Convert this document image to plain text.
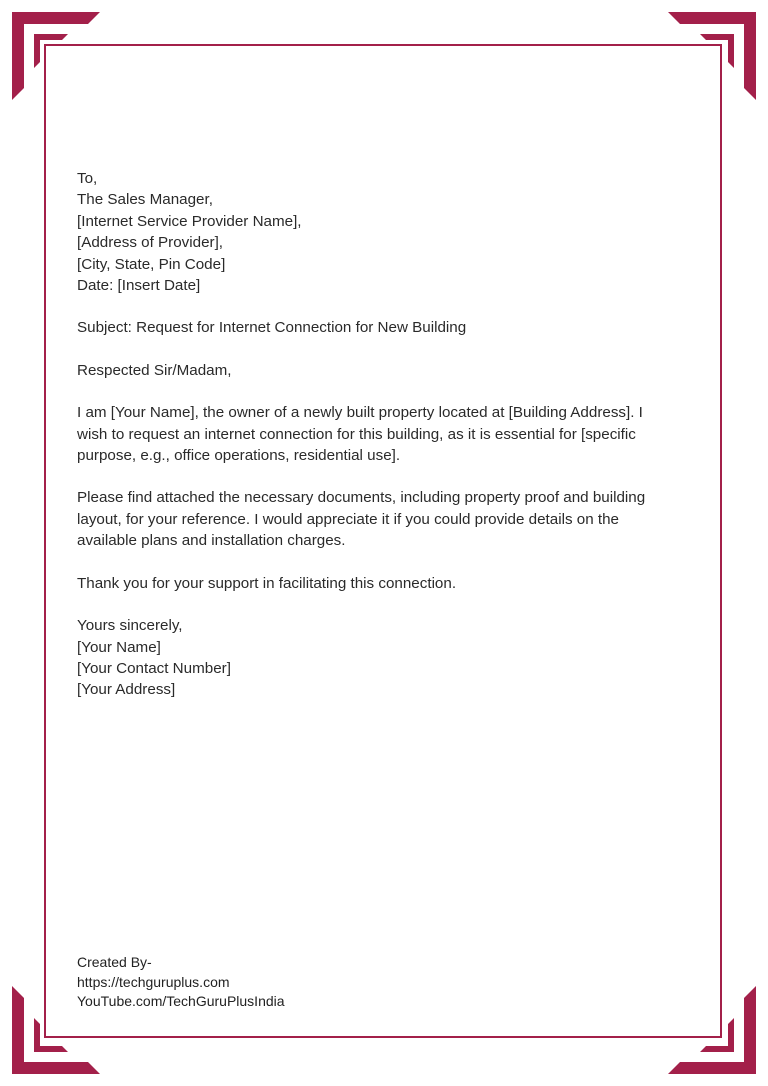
To,

The Sales Manager,

[Internet Service Provider Name],

[Address of Provider],

[City, State, Pin Code]

Date: [Insert Date]

Subject: Request for Internet Connection for New Building

Respected Sir/Madam,

I am [Your Name], the owner of a newly built property located at [Building Address]. I wish to request an internet connection for this building, as it is essential for [specific purpose, e.g., office operations, residential use].

Please find attached the necessary documents, including property proof and building layout, for your reference. I would appreciate it if you could provide details on the available plans and installation charges.

Thank you for your support in facilitating this connection.

Yours sincerely,

[Your Name]

[Your Contact Number]

[Your Address]

Created By-
https://techguruplus.com
YouTube.com/TechGuruPlusIndia
